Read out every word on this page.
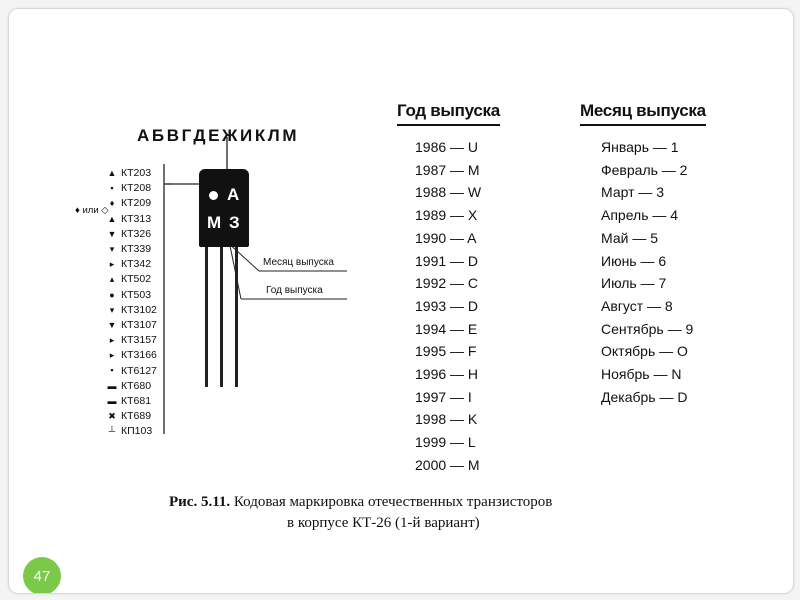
АБВГДЕЖИКЛМ
▲
▪
♦
▲
▼
▾
▸
▴
●
▾
▼
▸
▸
▪
▬
▬
✖
┴
♦ или ◇
КТ203
КТ208
КТ209
КТ313
КТ326
КТ339
КТ342
КТ502
КТ503
КТ3102
КТ3107
КТ3157
КТ3166
КТ6127
КТ680
КТ681
КТ689
КП103
А
М З
Месяц выпуска
Год выпуска
Год выпуска
1986 — U
1987 — M
1988 — W
1989 — X
1990 — A
1991 — D
1992 — C
1993 — D
1994 — E
1995 — F
1996 — H
1997 — I
1998 — K
1999 — L
2000 — M
Месяц выпуска
Январь — 1
Февраль — 2
Март — 3
Апрель — 4
Май — 5
Июнь — 6
Июль — 7
Август — 8
Сентябрь — 9
Октябрь — O
Ноябрь — N
Декабрь — D
Рис. 5.11. Кодовая маркировка отечественных транзисторов
в корпусе КТ-26 (1-й вариант)
47
